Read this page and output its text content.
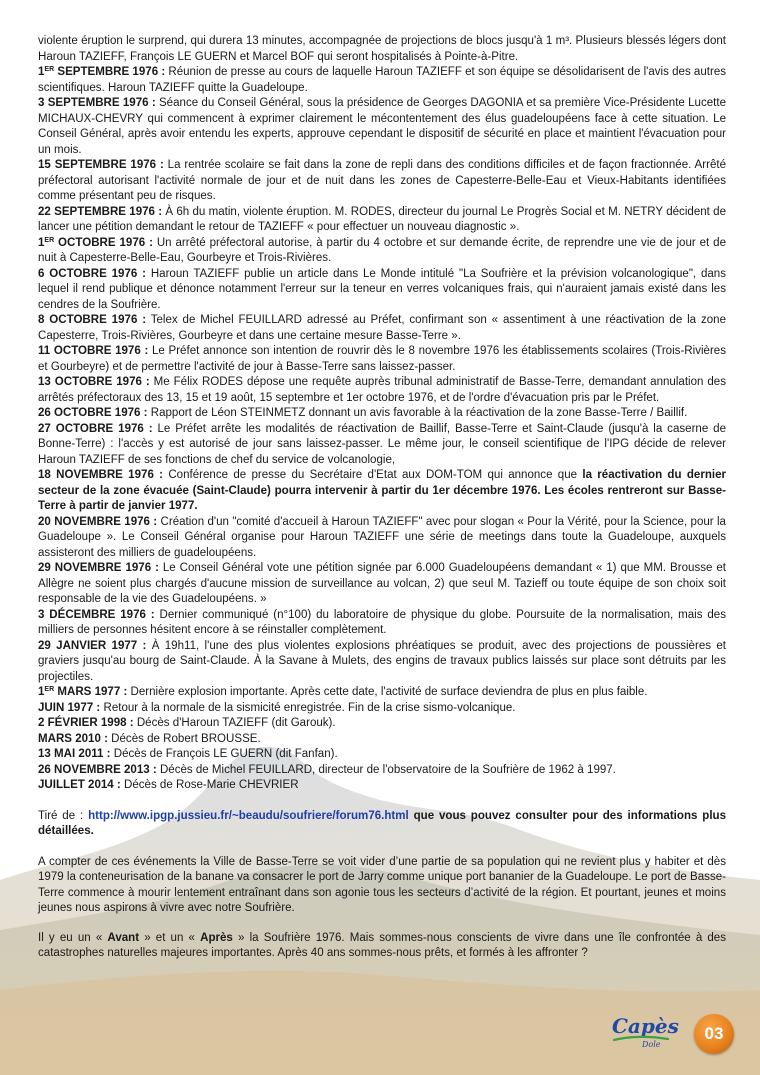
violente éruption le surprend, qui durera 13 minutes, accompagnée de projections de blocs jusqu'à 1 m³. Plusieurs blessés légers dont Haroun TAZIEFF, François LE GUERN et Marcel BOF qui seront hospitalisés à Pointe-à-Pitre.

1ER SEPTEMBRE 1976 : Réunion de presse au cours de laquelle Haroun TAZIEFF et son équipe se désolidarisent de l'avis des autres scientifiques. Haroun TAZIEFF quitte la Guadeloupe.

3 SEPTEMBRE 1976 : Séance du Conseil Général, sous la présidence de Georges DAGONIA et sa première Vice-Présidente Lucette MICHAUX-CHEVRY qui commencent à exprimer clairement le mécontentement des élus guadeloupéens face à cette situation. Le Conseil Général, après avoir entendu les experts, approuve cependant le dispositif de sécurité en place et maintient l'évacuation pour un mois.

15 SEPTEMBRE 1976 : La rentrée scolaire se fait dans la zone de repli dans des conditions difficiles et de façon fractionnée. Arrêté préfectoral autorisant l'activité normale de jour et de nuit dans les zones de Capesterre-Belle-Eau et Vieux-Habitants identifiées comme présentant peu de risques.

22 SEPTEMBRE 1976 : À 6h du matin, violente éruption. M. RODES, directeur du journal Le Progrès Social et M. NETRY décident de lancer une pétition demandant le retour de TAZIEFF « pour effectuer un nouveau diagnostic ».

1ER OCTOBRE 1976 : Un arrêté préfectoral autorise, à partir du 4 octobre et sur demande écrite, de reprendre une vie de jour et de nuit à Capesterre-Belle-Eau, Gourbeyre et Trois-Rivières.

6 OCTOBRE 1976 : Haroun TAZIEFF publie un article dans Le Monde intitulé "La Soufrière et la prévision volcanologique", dans lequel il rend publique et dénonce notamment l'erreur sur la teneur en verres volcaniques frais, qui n'auraient jamais existé dans les cendres de la Soufrière.

8 OCTOBRE 1976 : Telex de Michel FEUILLARD adressé au Préfet, confirmant son « assentiment à une réactivation de la zone Capesterre, Trois-Rivières, Gourbeyre et dans une certaine mesure Basse-Terre ».

11 OCTOBRE 1976 : Le Préfet annonce son intention de rouvrir dès le 8 novembre 1976 les établissements scolaires (Trois-Rivières et Gourbeyre) et de permettre l'activité de jour à Basse-Terre sans laissez-passer.

13 OCTOBRE 1976 : Me Félix RODES dépose une requête auprès tribunal administratif de Basse-Terre, demandant annulation des arrêtés préfectoraux des 13, 15 et 19 août, 15 septembre et 1er octobre 1976, et de l'ordre d'évacuation pris par le Préfet.

26 OCTOBRE 1976 : Rapport de Léon STEINMETZ donnant un avis favorable à la réactivation de la zone Basse-Terre / Baillif.

27 OCTOBRE 1976 : Le Préfet arrête les modalités de réactivation de Baillif, Basse-Terre et Saint-Claude (jusqu'à la caserne de Bonne-Terre) : l'accès y est autorisé de jour sans laissez-passer. Le même jour, le conseil scientifique de l'IPG décide de relever Haroun TAZIEFF de ses fonctions de chef du service de volcanologie,

18 NOVEMBRE 1976 : Conférence de presse du Secrétaire d'Etat aux DOM-TOM qui annonce que la réactivation du dernier secteur de la zone évacuée (Saint-Claude) pourra intervenir à partir du 1er décembre 1976. Les écoles rentreront sur Basse-Terre à partir de janvier 1977.

20 NOVEMBRE 1976 : Création d'un "comité d'accueil à Haroun TAZIEFF" avec pour slogan « Pour la Vérité, pour la Science, pour la Guadeloupe ». Le Conseil Général organise pour Haroun TAZIEFF une série de meetings dans toute la Guadeloupe, auxquels assisteront des milliers de guadeloupéens.

29 NOVEMBRE 1976 : Le Conseil Général vote une pétition signée par 6.000 Guadeloupéens demandant « 1) que MM. Brousse et Allègre ne soient plus chargés d'aucune mission de surveillance au volcan, 2) que seul M. Tazieff ou toute équipe de son choix soit responsable de la vie des Guadeloupéens. »

3 DÉCEMBRE 1976 : Dernier communiqué (n°100) du laboratoire de physique du globe. Poursuite de la normalisation, mais des milliers de personnes hésitent encore à se réinstaller complètement.

29 JANVIER 1977 : À 19h11, l'une des plus violentes explosions phréatiques se produit, avec des projections de poussières et graviers jusqu'au bourg de Saint-Claude. À la Savane à Mulets, des engins de travaux publics laissés sur place sont détruits par les projectiles.

1ER MARS 1977 : Dernière explosion importante. Après cette date, l'activité de surface deviendra de plus en plus faible.

JUIN 1977 : Retour à la normale de la sismicité enregistrée. Fin de la crise sismo-volcanique.

2 FÉVRIER 1998 : Décès d'Haroun TAZIEFF (dit Garouk).

MARS 2010 : Décès de Robert BROUSSE.

13 MAI 2011 : Décès de François LE GUERN (dit Fanfan).

26 NOVEMBRE 2013 : Décès de Michel FEUILLARD, directeur de l'observatoire de la Soufrière de 1962 à 1997.

JUILLET 2014 : Décès de Rose-Marie CHEVRIER

Tiré de : http://www.ipgp.jussieu.fr/~beaudu/soufriere/forum76.html que vous pouvez consulter pour des informations plus détaillées.

A compter de ces événements la Ville de Basse-Terre se voit vider d’une partie de sa population qui ne revient plus y habiter et dès 1979 la conteneurisation de la banane va consacrer le port de Jarry comme unique port bananier de la Guadeloupe. Le port de Basse-Terre commence à mourir lentement entraînant dans son agonie tous les secteurs d’activité de la région. Et pourtant, jeunes et moins jeunes nous aspirons à vivre avec notre Soufrière.

Il y eu un « Avant » et un « Après » la Soufrière 1976. Mais sommes-nous conscients de vivre dans une île confrontée à des catastrophes naturelles majeures importantes. Après 40 ans sommes-nous prêts, et formés à les affronter ?

Capès
Dole
03
